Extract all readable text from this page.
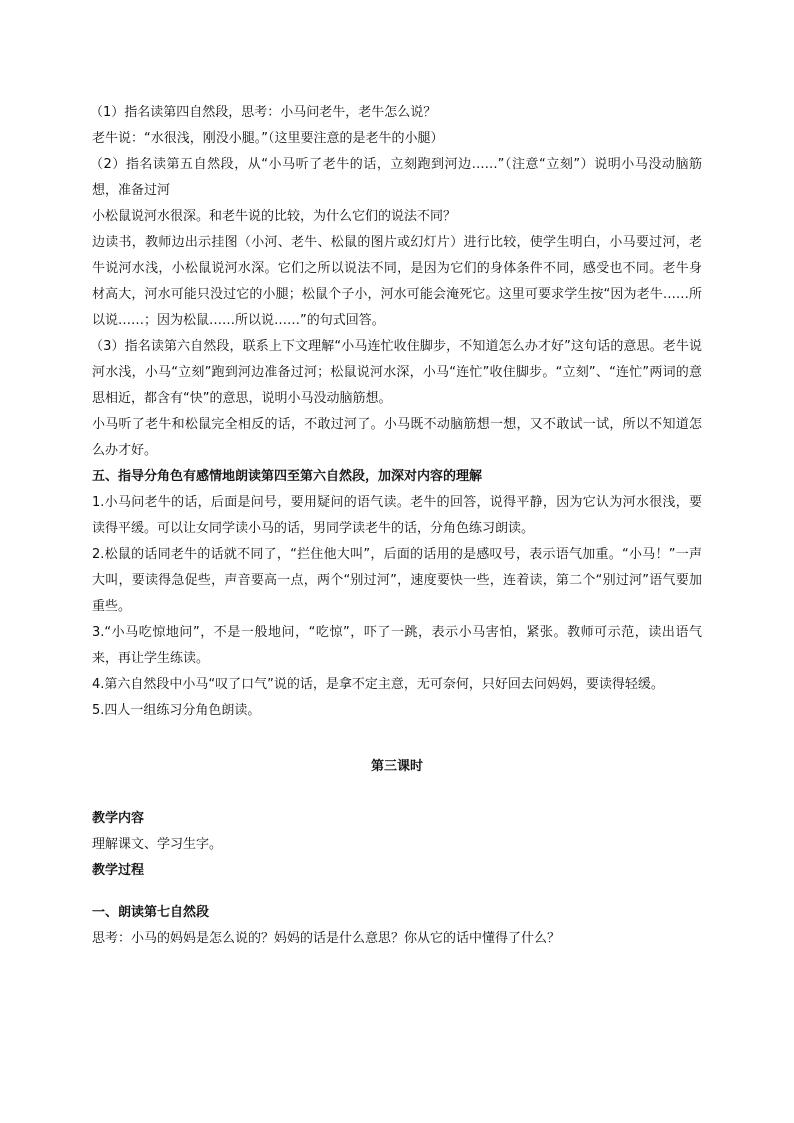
（1）指名读第四自然段，思考：小马问老牛，老牛怎么说？

老牛说：“水很浅，刚没小腿。”（这里要注意的是老牛的小腿）

（2）指名读第五自然段，从“小马听了老牛的话，立刻跑到河边……”（注意“立刻”）说明小马没动脑筋想，准备过河

小松鼠说河水很深。和老牛说的比较，为什么它们的说法不同？

边读书，教师边出示挂图（小河、老牛、松鼠的图片或幻灯片）进行比较，使学生明白，小马要过河，老牛说河水浅，小松鼠说河水深。它们之所以说法不同，是因为它们的身体条件不同，感受也不同。老牛身材高大，河水可能只没过它的小腿；松鼠个子小，河水可能会淹死它。这里可要求学生按“因为老牛……所以说……；因为松鼠……所以说……”的句式回答。

（3）指名读第六自然段，联系上下文理解“小马连忙收住脚步，不知道怎么办才好”这句话的意思。老牛说河水浅，小马“立刻”跑到河边准备过河；松鼠说河水深，小马“连忙”收住脚步。“立刻”、“连忙”两词的意思相近，都含有“快”的意思，说明小马没动脑筋想。

小马听了老牛和松鼠完全相反的话，不敢过河了。小马既不动脑筋想一想，又不敢试一试，所以不知道怎么办才好。

五、指导分角色有感情地朗读第四至第六自然段，加深对内容的理解

1.小马问老牛的话，后面是问号，要用疑问的语气读。老牛的回答，说得平静，因为它认为河水很浅，要读得平缓。可以让女同学读小马的话，男同学读老牛的话，分角色练习朗读。

2.松鼠的话同老牛的话就不同了，“拦住他大叫”，后面的话用的是感叹号，表示语气加重。“小马！”一声大叫，要读得急促些，声音要高一点，两个“别过河”，速度要快一些，连着读，第二个“别过河”语气要加重些。

3.“小马吃惊地问”，不是一般地问，“吃惊”，吓了一跳，表示小马害怕，紧张。教师可示范，读出语气来，再让学生练读。

4.第六自然段中小马“叹了口气”说的话，是拿不定主意，无可奈何，只好回去问妈妈，要读得轻缓。

5.四人一组练习分角色朗读。

第三课时

教学内容

理解课文、学习生字。

教学过程

一、朗读第七自然段

思考：小马的妈妈是怎么说的？妈妈的话是什么意思？你从它的话中懂得了什么？
